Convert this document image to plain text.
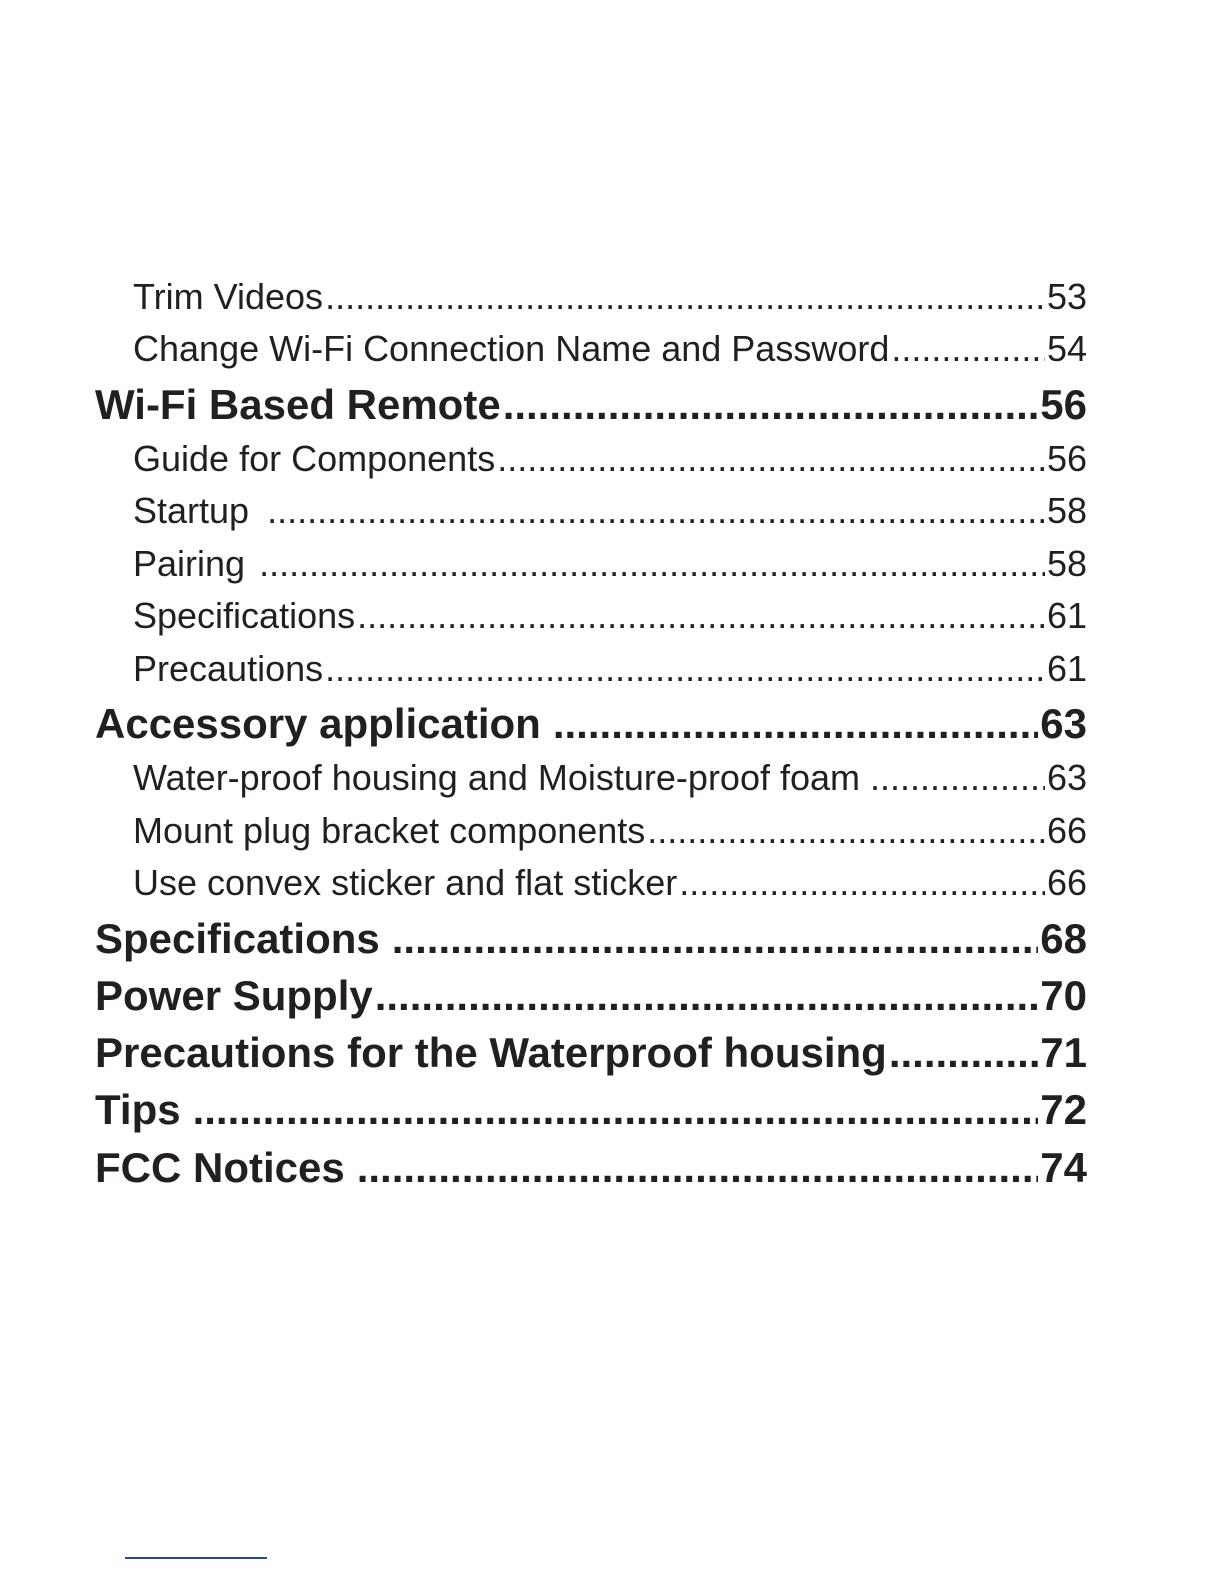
Trim Videos .....	53
Change Wi-Fi Connection Name and Password .....	54
Wi-Fi Based Remote .....	56
Guide for Components .....	56
Startup .....	58
Pairing .....	58
Specifications .....	61
Precautions .....	61
Accessory application .....	63
Water-proof housing and Moisture-proof foam .....	63
Mount plug bracket components .....	66
Use convex sticker and flat sticker .....	66
Specifications .....	68
Power Supply .....	70
Precautions for the Waterproof housing .....	71
Tips .....	72
FCC Notices .....	74
